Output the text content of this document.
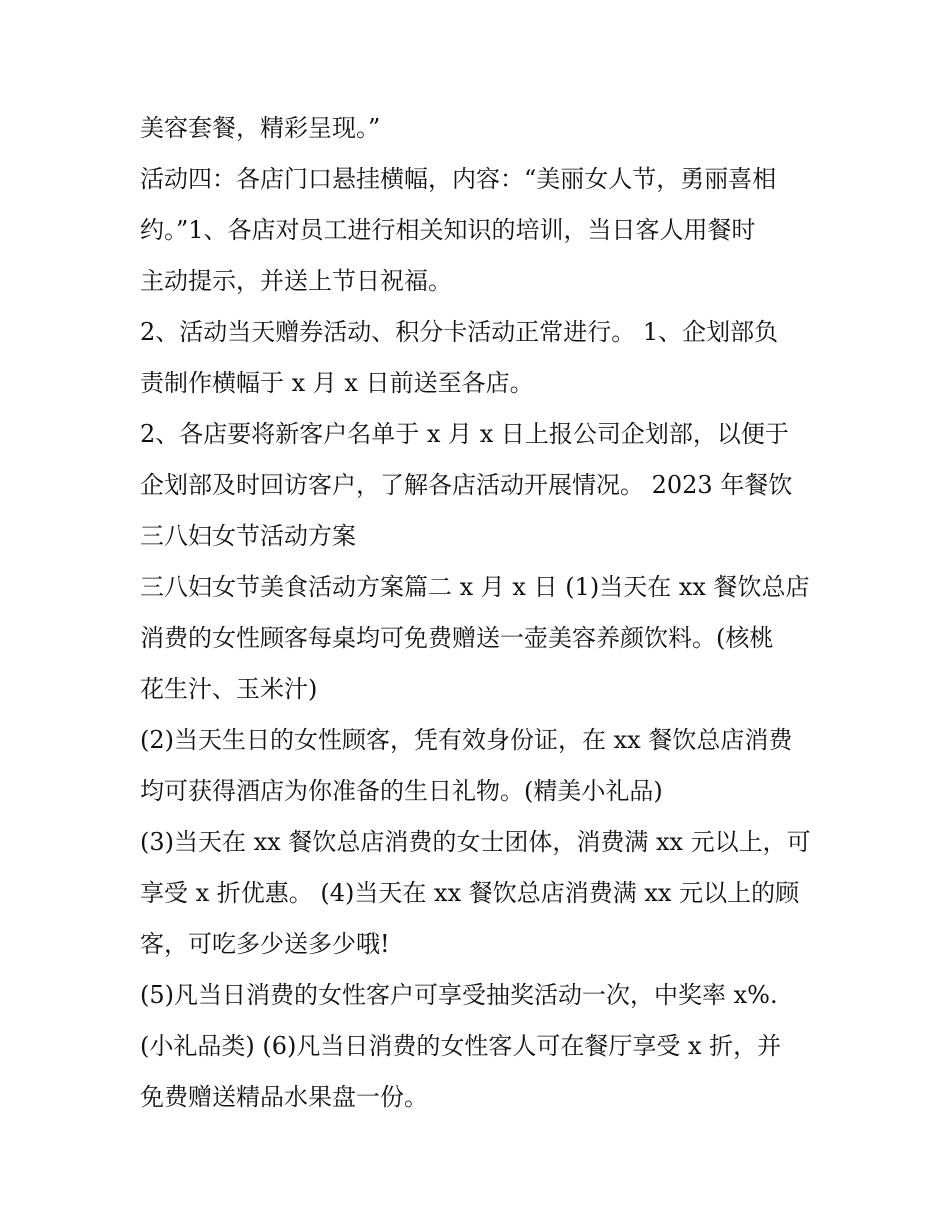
美容套餐，精彩呈现。”
活动四：各店门口悬挂横幅，内容：“美丽女人节，勇丽喜相
约。”1、各店对员工进行相关知识的培训，当日客人用餐时
主动提示，并送上节日祝福。
2、活动当天赠券活动、积分卡活动正常进行。 1、企划部负
责制作横幅于 x 月 x 日前送至各店。
2、各店要将新客户名单于 x 月 x 日上报公司企划部，以便于
企划部及时回访客户，了解各店活动开展情况。 2023 年餐饮
三八妇女节活动方案
三八妇女节美食活动方案篇二 x 月 x 日 (1)当天在 xx 餐饮总店
消费的女性顾客每桌均可免费赠送一壶美容养颜饮料。(核桃
花生汁、玉米汁)
(2)当天生日的女性顾客，凭有效身份证，在 xx 餐饮总店消费
均可获得酒店为你准备的生日礼物。(精美小礼品)
(3)当天在 xx 餐饮总店消费的女士团体，消费满 xx 元以上，可
享受 x 折优惠。 (4)当天在 xx 餐饮总店消费满 xx 元以上的顾
客，可吃多少送多少哦!
(5)凡当日消费的女性客户可享受抽奖活动一次，中奖率 x%.
(小礼品类) (6)凡当日消费的女性客人可在餐厅享受 x 折，并
免费赠送精品水果盘一份。
